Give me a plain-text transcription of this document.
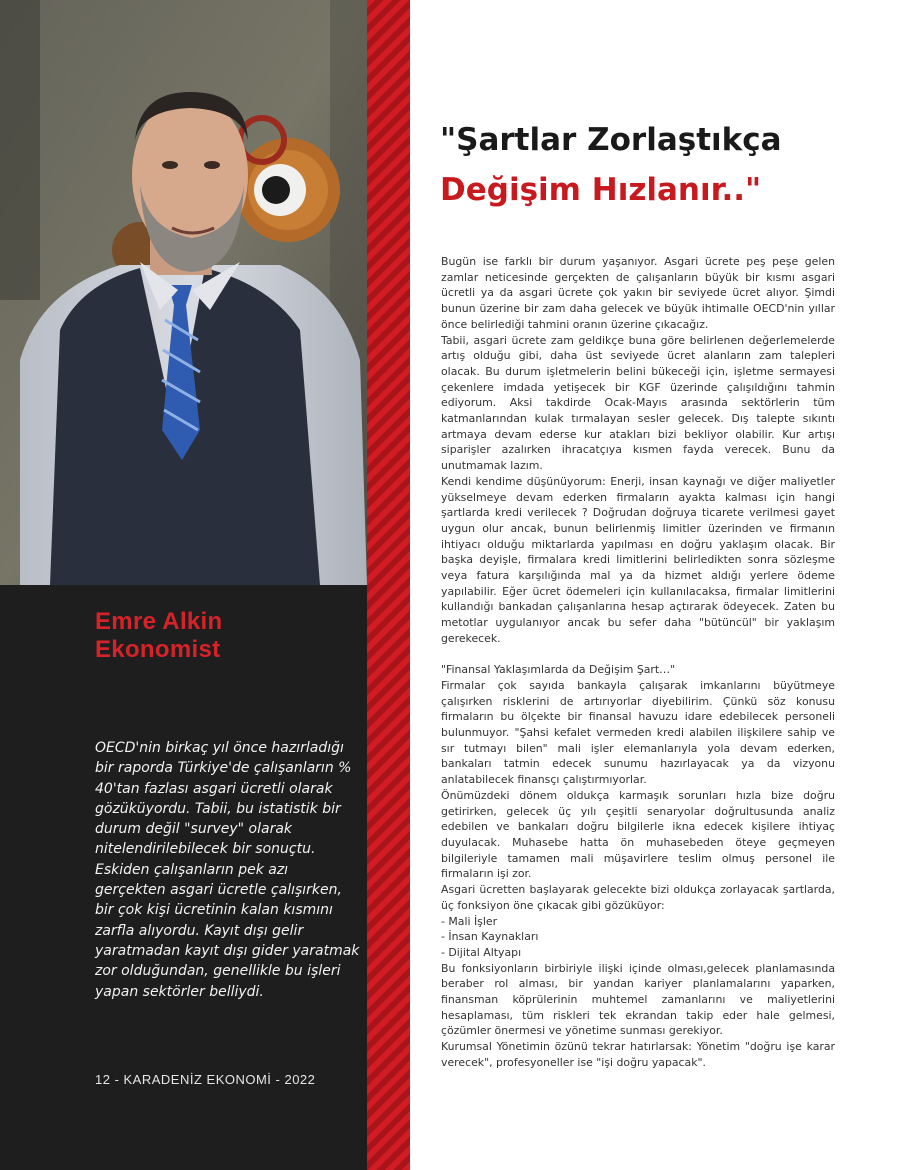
Emre Alkin
Ekonomist

OECD'nin birkaç yıl önce hazırladığı bir raporda Türkiye'de çalışanların % 40'tan fazlası asgari ücretli olarak gözüküyordu. Tabii, bu istatistik bir durum değil "survey" olarak nitelendirilebilecek bir sonuçtu. Eskiden çalışanların pek azı gerçekten asgari ücretle çalışırken, bir çok kişi ücretinin kalan kısmını zarfla alıyordu. Kayıt dışı gelir yaratmadan kayıt dışı gider yaratmak zor olduğundan, genellikle bu işleri yapan sektörler belliydi.

12 - KARADENİZ EKONOMİ - 2022

"Şartlar Zorlaştıkça
Değişim Hızlanır.."

Bugün ise farklı bir durum yaşanıyor. Asgari ücrete peş peşe gelen zamlar neticesinde gerçekten de çalışanların büyük bir kısmı asgari ücretli ya da asgari ücrete çok yakın bir seviyede ücret alıyor. Şimdi bunun üzerine bir zam daha gelecek ve büyük ihtimalle OECD'nin yıllar önce belirlediği tahmini oranın üzerine çıkacağız.

Tabii, asgari ücrete zam geldikçe buna göre belirlenen değerlemelerde artış olduğu gibi, daha üst seviyede ücret alanların zam talepleri olacak. Bu durum işletmelerin belini bükeceği için, işletme sermayesi çekenlere imdada yetişecek bir KGF üzerinde çalışıldığını tahmin ediyorum. Aksi takdirde Ocak-Mayıs arasında sektörlerin tüm katmanlarından kulak tırmalayan sesler gelecek. Dış talepte sıkıntı artmaya devam ederse kur atakları bizi bekliyor olabilir. Kur artışı siparişler azalırken ihracatçıya kısmen fayda verecek. Bunu da unutmamak lazım.

Kendi kendime düşünüyorum: Enerji, insan kaynağı ve diğer maliyetler yükselmeye devam ederken firmaların ayakta kalması için hangi şartlarda kredi verilecek ? Doğrudan doğruya ticarete verilmesi gayet uygun olur ancak, bunun belirlenmiş limitler üzerinden ve firmanın ihtiyacı olduğu miktarlarda yapılması en doğru yaklaşım olacak. Bir başka deyişle, firmalara kredi limitlerini belirledikten sonra sözleşme veya fatura karşılığında mal ya da hizmet aldığı yerlere ödeme yapılabilir. Eğer ücret ödemeleri için kullanılacaksa, firmalar limitlerini kullandığı bankadan çalışanlarına hesap açtırarak ödeyecek. Zaten bu metotlar uygulanıyor ancak bu sefer daha "bütüncül" bir yaklaşım gerekecek.

"Finansal Yaklaşımlarda da Değişim Şart…"

Firmalar çok sayıda bankayla çalışarak imkanlarını büyütmeye çalışırken risklerini de artırıyorlar diyebilirim. Çünkü söz konusu firmaların bu ölçekte bir finansal havuzu idare edebilecek personeli bulunmuyor. "Şahsi kefalet vermeden kredi alabilen ilişkilere sahip ve sır tutmayı bilen" mali işler elemanlarıyla yola devam ederken, bankaları tatmin edecek sunumu hazırlayacak ya da vizyonu anlatabilecek finansçı çalıştırmıyorlar.

Önümüzdeki dönem oldukça karmaşık sorunları hızla bize doğru getirirken, gelecek üç yılı çeşitli senaryolar doğrultusunda analiz edebilen ve bankaları doğru bilgilerle ikna edecek kişilere ihtiyaç duyulacak. Muhasebe hatta ön muhasebeden öteye geçmeyen bilgileriyle tamamen mali müşavirlere teslim olmuş personel ile firmaların işi zor.

Asgari ücretten başlayarak gelecekte bizi oldukça zorlayacak şartlarda, üç fonksiyon öne çıkacak gibi gözüküyor:

- Mali İşler

- İnsan Kaynakları

- Dijital Altyapı

Bu fonksiyonların birbiriyle ilişki içinde olması,gelecek planlamasında beraber rol alması, bir yandan kariyer planlamalarını yaparken, finansman köprülerinin muhtemel zamanlarını ve maliyetlerini hesaplaması, tüm riskleri tek ekrandan takip eder hale gelmesi, çözümler önermesi ve yönetime sunması gerekiyor.

Kurumsal Yönetimin özünü tekrar hatırlarsak: Yönetim "doğru işe karar verecek", profesyoneller ise "işi doğru yapacak".
